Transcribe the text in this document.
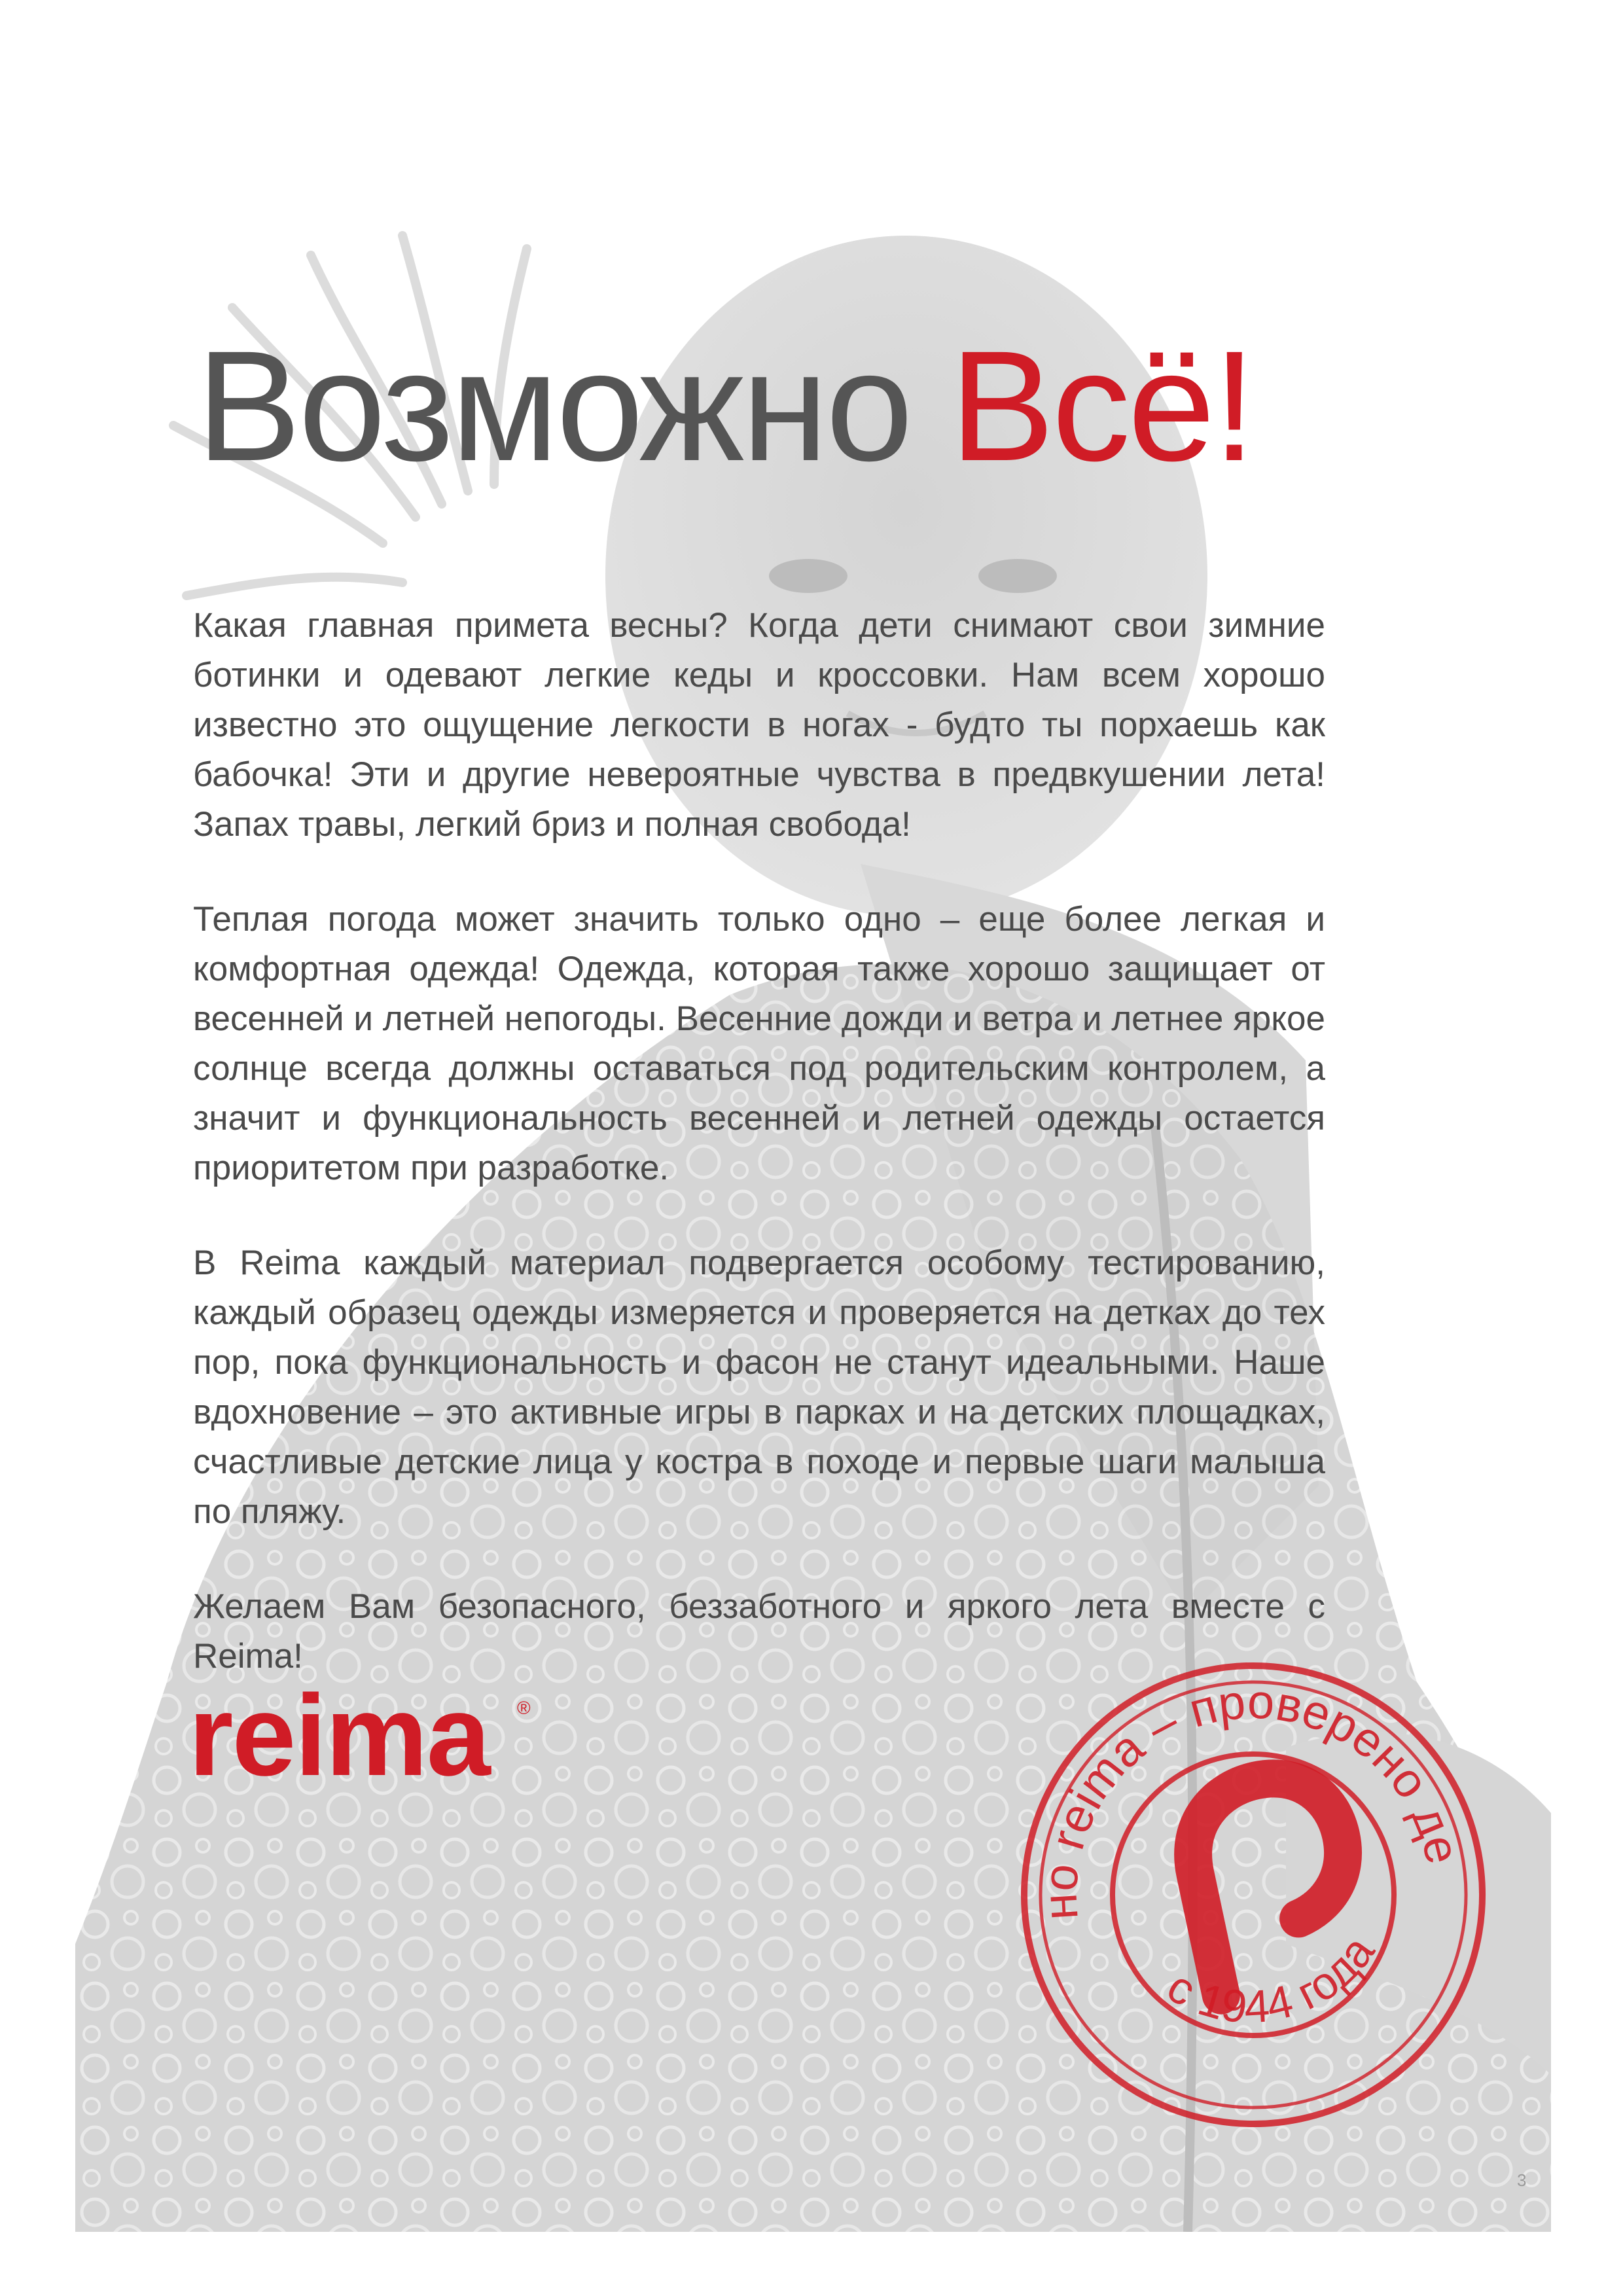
Возможно Всё!

Какая главная примета весны? Когда дети снимают свои зимние ботинки и одевают легкие кеды и кроссовки. Нам всем хорошо известно это ощущение легкости в ногах - будто ты порхаешь как бабочка! Эти и другие невероятные чувства в предвкушении лета! Запах травы, легкий бриз и полная свобода!

Теплая погода может значить только одно – еще более легкая и комфортная одежда! Одежда, которая также хорошо защищает от весенней и летней непогоды. Весенние дожди и ветра и летнее яркое солнце всегда должны оставаться под родительским контролем, а значит и функциональность весенней и летней одежды остается приоритетом при разработке.

В Reima каждый материал подвергается особому тестированию, каждый образец одежды измеряется и проверяется на детках до тех пор, пока функциональность и фасон не станут идеальными. Наше вдохновение – это активные игры в парках и на детских площадках, счастливые детские лица у костра в походе и первые шаги малыша по пляжу.

Желаем Вам безопасного, беззаботного и яркого лета вместе с Reima!

reima ®	создано reima – проверено детьми
с 1944 года
3
